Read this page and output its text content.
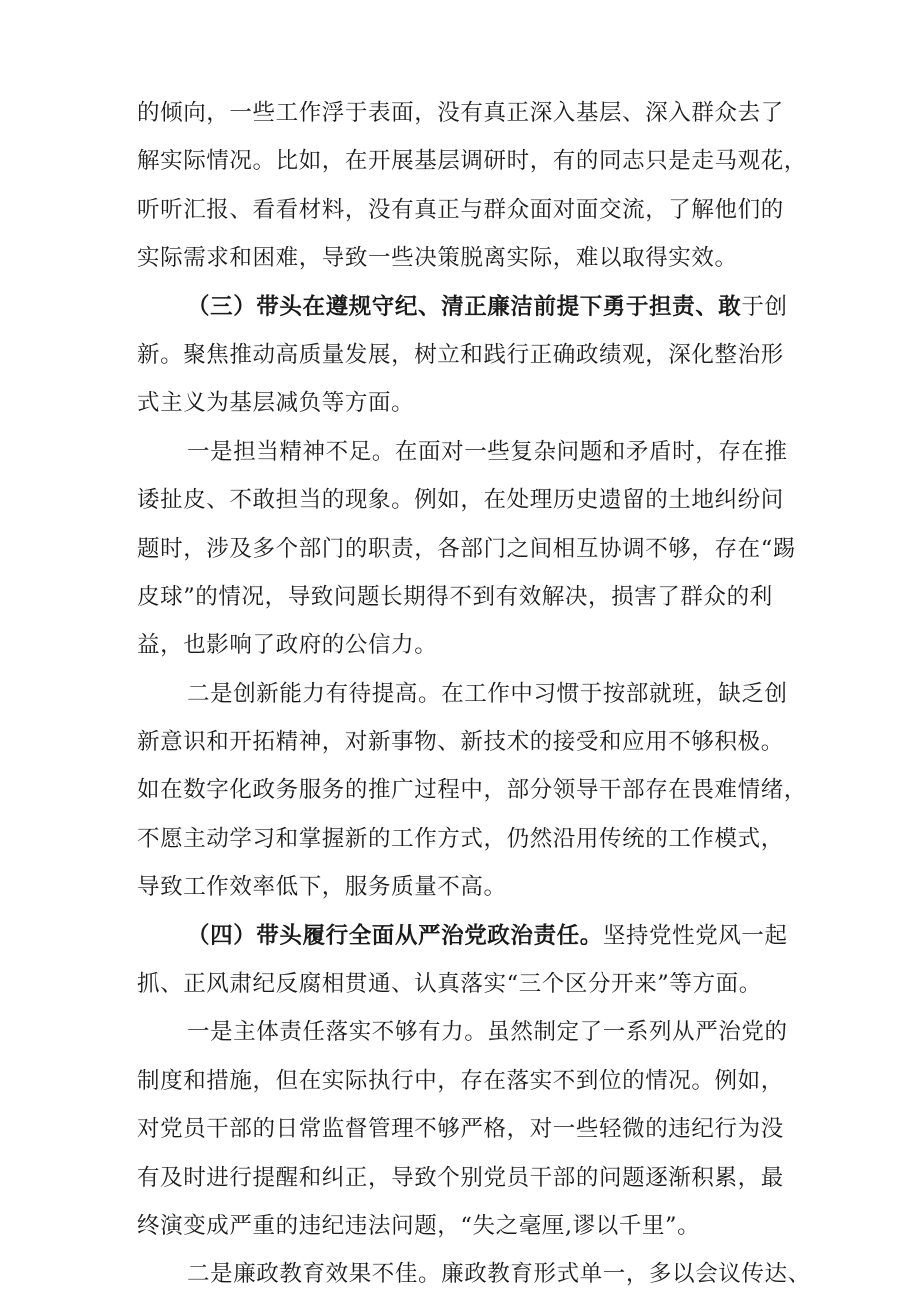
的倾向，一些工作浮于表面，没有真正深入基层、深入群众去了
解实际情况。比如，在开展基层调研时，有的同志只是走马观花，
听听汇报、看看材料，没有真正与群众面对面交流，了解他们的
实际需求和困难，导致一些决策脱离实际，难以取得实效。
（三）带头在遵规守纪、清正廉洁前提下勇于担责、敢于创
新。聚焦推动高质量发展，树立和践行正确政绩观，深化整治形
式主义为基层减负等方面。
一是担当精神不足。在面对一些复杂问题和矛盾时，存在推
诿扯皮、不敢担当的现象。例如，在处理历史遗留的土地纠纷问
题时，涉及多个部门的职责，各部门之间相互协调不够，存在“踢
皮球”的情况，导致问题长期得不到有效解决，损害了群众的利
益，也影响了政府的公信力。
二是创新能力有待提高。在工作中习惯于按部就班，缺乏创
新意识和开拓精神，对新事物、新技术的接受和应用不够积极。
如在数字化政务服务的推广过程中，部分领导干部存在畏难情绪，
不愿主动学习和掌握新的工作方式，仍然沿用传统的工作模式，
导致工作效率低下，服务质量不高。
（四）带头履行全面从严治党政治责任。坚持党性党风一起
抓、正风肃纪反腐相贯通、认真落实“三个区分开来”等方面。
一是主体责任落实不够有力。虽然制定了一系列从严治党的
制度和措施，但在实际执行中，存在落实不到位的情况。例如，
对党员干部的日常监督管理不够严格，对一些轻微的违纪行为没
有及时进行提醒和纠正，导致个别党员干部的问题逐渐积累，最
终演变成严重的违纪违法问题，“失之毫厘,谬以千里”。
二是廉政教育效果不佳。廉政教育形式单一，多以会议传达、
